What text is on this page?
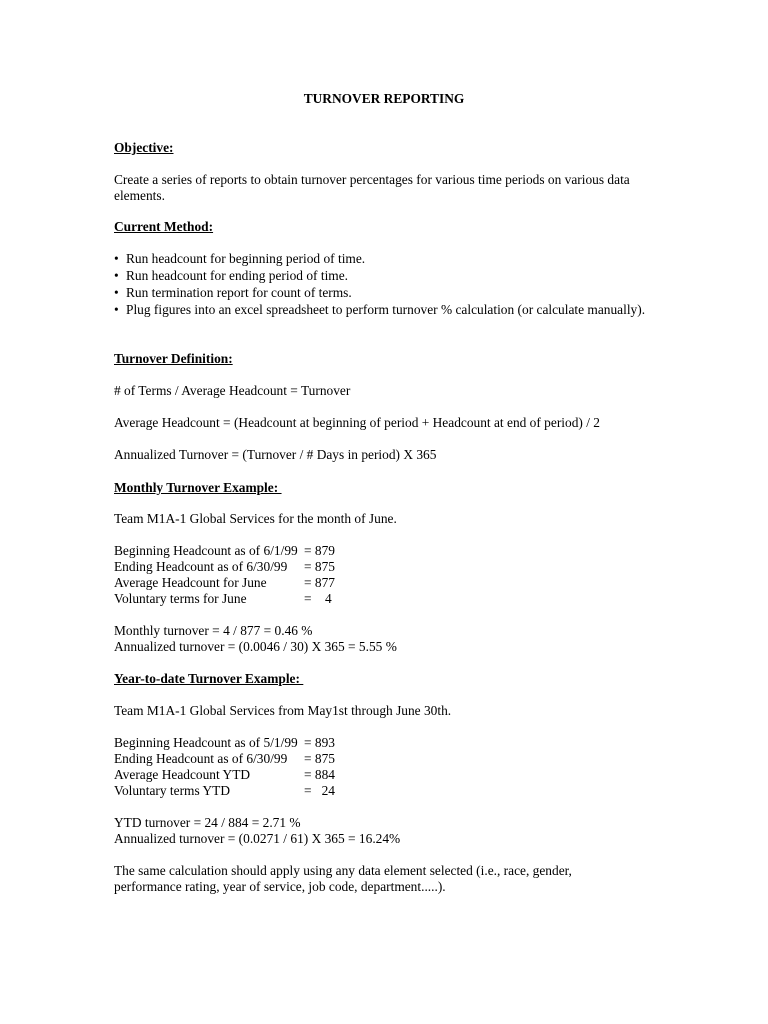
TURNOVER REPORTING
Objective:
Create a series of reports to obtain turnover percentages for various time periods on various data elements.
Current Method:
• Run headcount for beginning period of time.
• Run headcount for ending period of time.
• Run termination report for count of terms.
• Plug figures into an excel spreadsheet to perform turnover % calculation (or calculate manually).
Turnover Definition:
# of Terms / Average Headcount = Turnover
Average Headcount = (Headcount at beginning of period + Headcount at end of period) / 2
Annualized Turnover = (Turnover / # Days in period) X 365
Monthly Turnover Example:
Team M1A-1 Global Services for the month of June.
Beginning Headcount as of 6/1/99 = 879
Ending Headcount as of 6/30/99 = 875
Average Headcount for June	= 877
Voluntary terms for June	=    4
Monthly turnover = 4 / 877 = 0.46 %
Annualized turnover = (0.0046 / 30) X 365 = 5.55 %
Year-to-date Turnover Example:
Team M1A-1 Global Services from May1st through June 30th.
Beginning Headcount as of 5/1/99 = 893
Ending Headcount as of 6/30/99 = 875
Average Headcount YTD	= 884
Voluntary terms YTD	=   24
YTD turnover = 24 / 884 = 2.71 %
Annualized turnover = (0.0271 / 61) X 365 = 16.24%
The same calculation should apply using any data element selected (i.e., race, gender, performance rating, year of service, job code, department.....).
